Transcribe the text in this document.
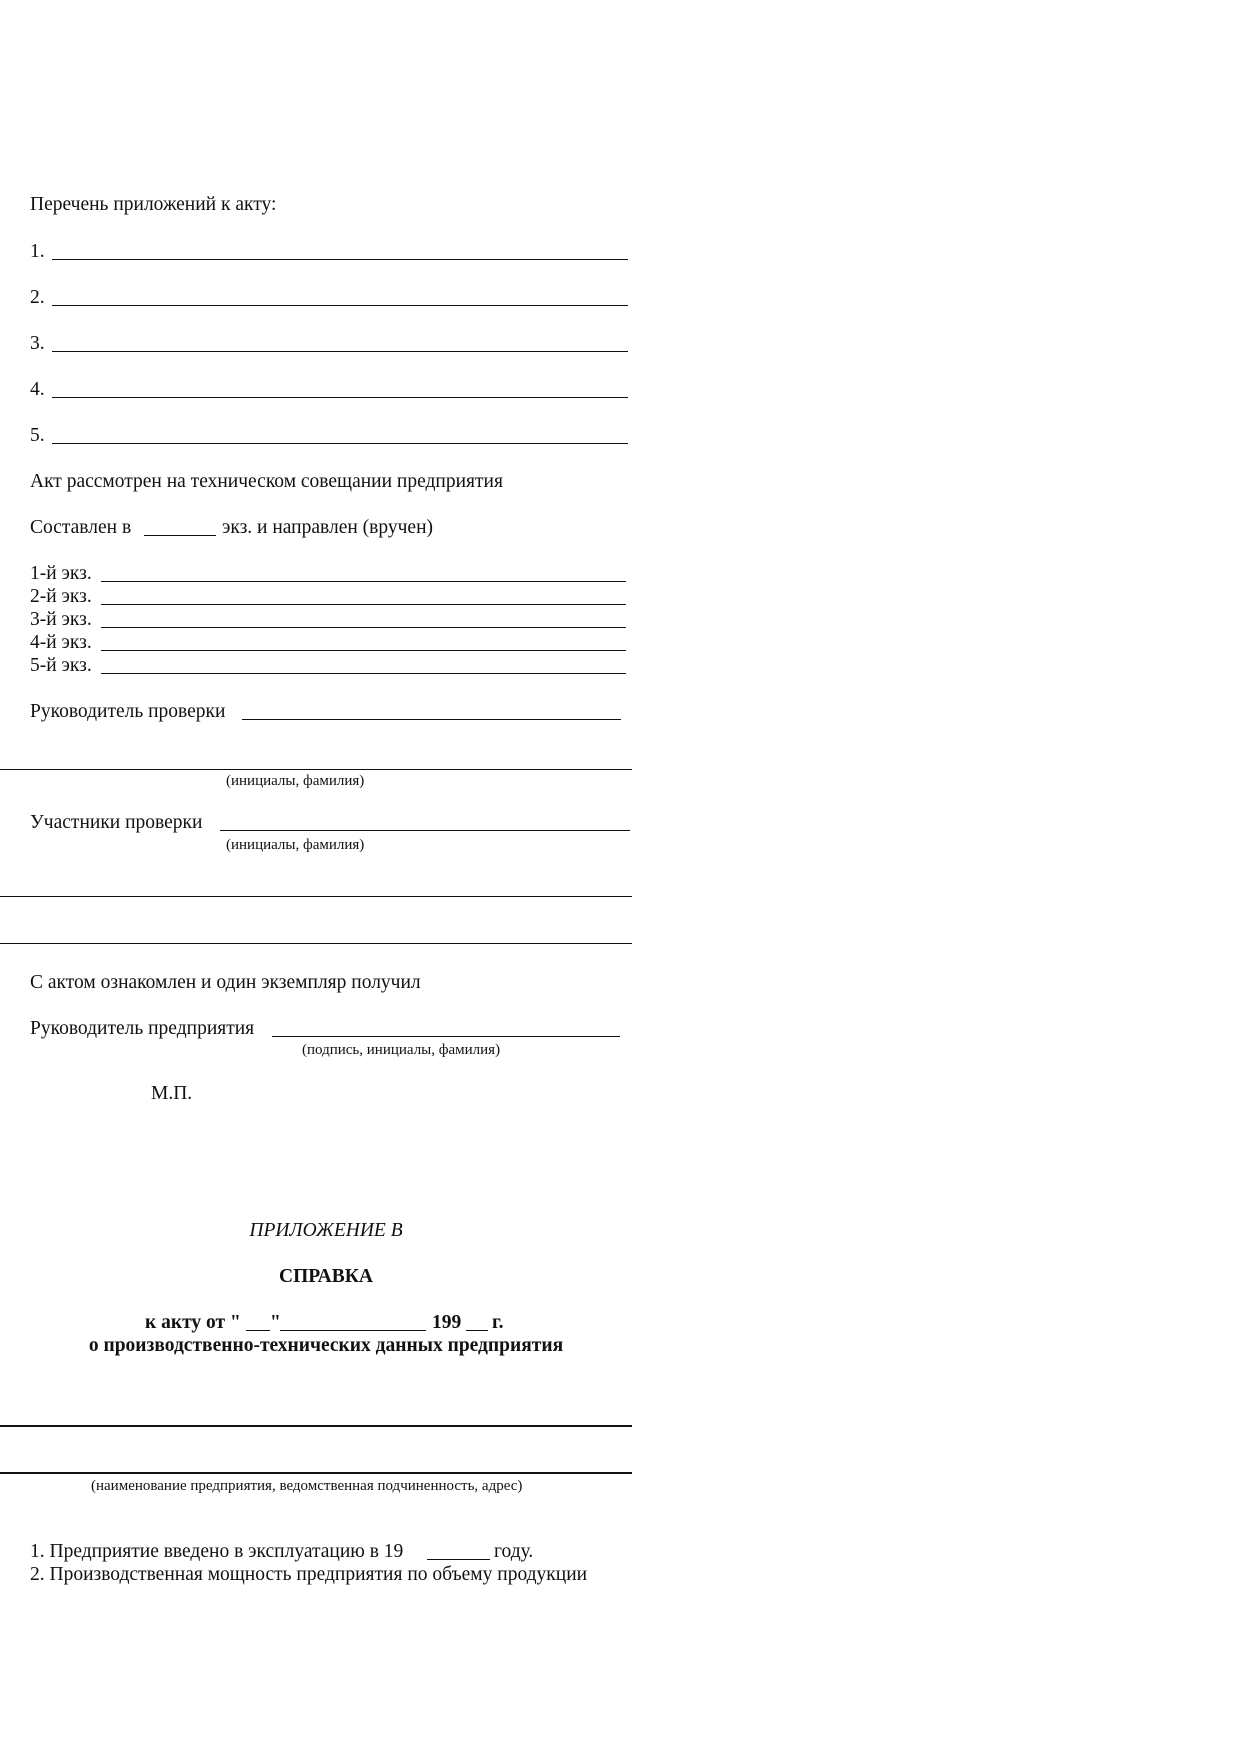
Перечень приложений к акту:
1.
2.
3.
4.
5.
Акт рассмотрен на техническом совещании предприятия
Составлен в	экз. и направлен (вручен)
1-й экз.
2-й экз.
3-й экз.
4-й экз.
5-й экз.
Руководитель проверки
(инициалы, фамилия)
Участники проверки
(инициалы, фамилия)
С актом ознакомлен и один экземпляр получил
Руководитель предприятия
(подпись, инициалы, фамилия)
М.П.
ПРИЛОЖЕНИЕ В
СПРАВКА
к акту от " "	199 г.
о производственно-технических данных предприятия
(наименование предприятия, ведомственная подчиненность, адрес)
1. Предприятие введено в эксплуатацию в 19	году.
2. Производственная мощность предприятия по объему продукции
